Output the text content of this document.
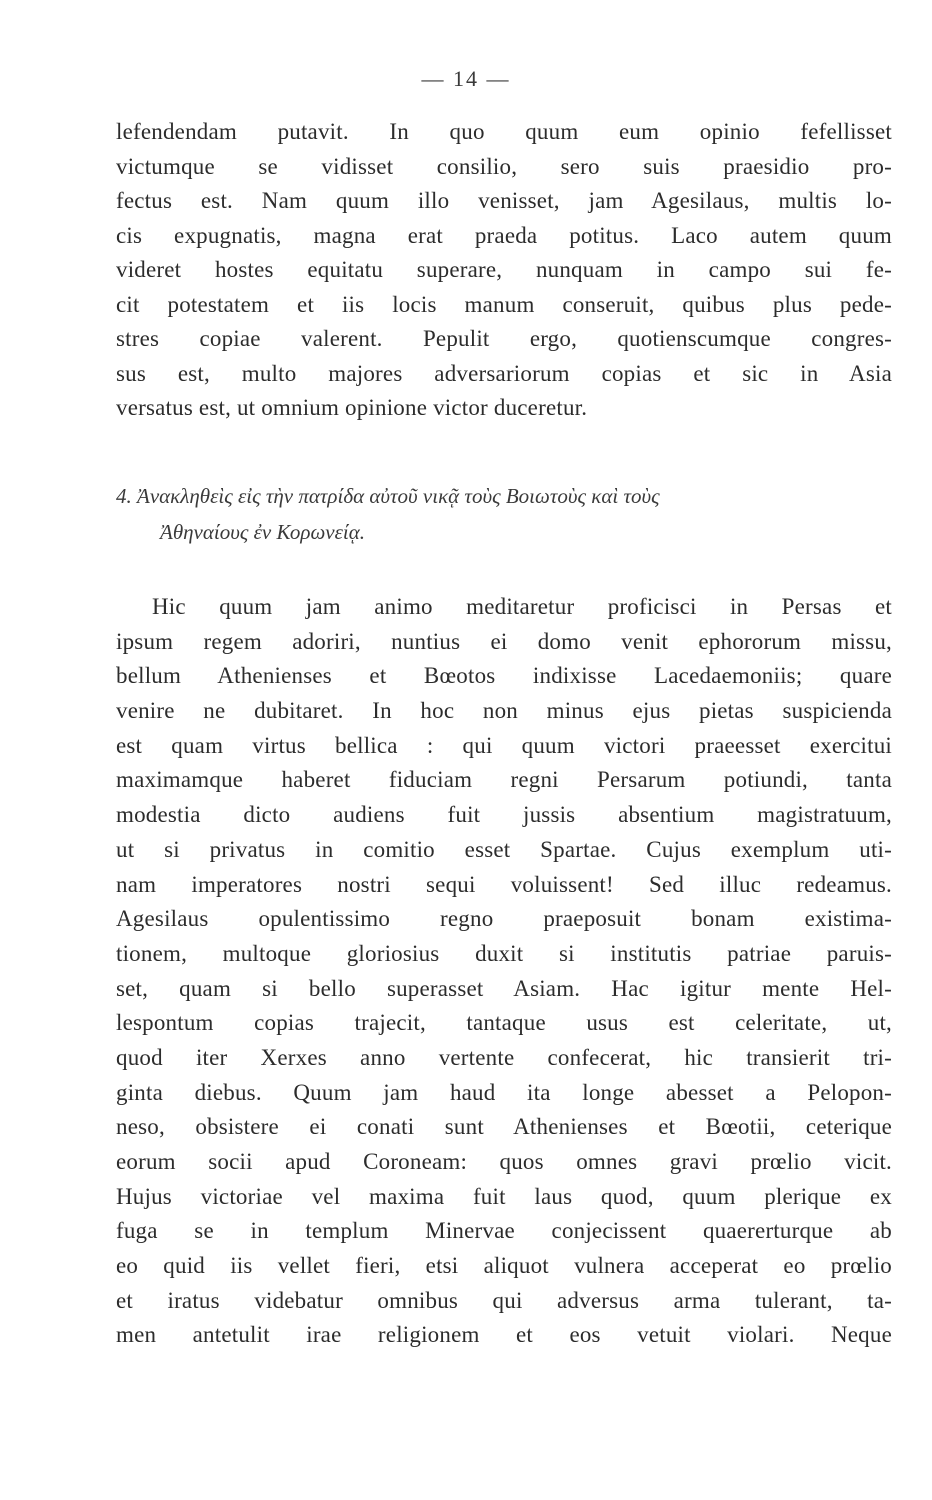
— 14 —
lefendendam putavit. In quo quum eum opinio fefellisset
victumque se vidisset consilio, sero suis praesidio pro-
fectus est. Nam quum illo venisset, jam Agesilaus, multis lo-
cis expugnatis, magna erat praeda potitus. Laco autem quum
videret hostes equitatu superare, nunquam in campo sui fe-
cit potestatem et iis locis manum conseruit, quibus plus pede-
stres copiae valerent. Pepulit ergo, quotienscumque congres-
sus est, multo majores adversariorum copias et sic in Asia
versatus est, ut omnium opinione victor duceretur.
4. Ἀνακληθεὶς εἰς τὴν πατρίδα αὐτοῦ νικᾷ τοὺς Βοιωτοὺς καὶ τοὺς
Ἀθηναίους ἐν Κορωνείᾳ.
Hic quum jam animo meditaretur proficisci in Persas et
ipsum regem adoriri, nuntius ei domo venit ephororum missu,
bellum Athenienses et Bœotos indixisse Lacedaemoniis; quare
venire ne dubitaret. In hoc non minus ejus pietas suspicienda
est quam virtus bellica : qui quum victori praeesset exercitui
maximamque haberet fiduciam regni Persarum potiundi, tanta
modestia dicto audiens fuit jussis absentium magistratuum,
ut si privatus in comitio esset Spartae. Cujus exemplum uti-
nam imperatores nostri sequi voluissent! Sed illuc redeamus.
Agesilaus opulentissimo regno praeposuit bonam existima-
tionem, multoque gloriosius duxit si institutis patriae paruis-
set, quam si bello superasset Asiam. Hac igitur mente Hel-
lespontum copias trajecit, tantaque usus est celeritate, ut,
quod iter Xerxes anno vertente confecerat, hic transierit tri-
ginta diebus. Quum jam haud ita longe abesset a Pelopon-
neso, obsistere ei conati sunt Athenienses et Bœotii, ceterique
eorum socii apud Coroneam: quos omnes gravi prœlio vicit.
Hujus victoriae vel maxima fuit laus quod, quum plerique ex
fuga se in templum Minervae conjecissent quaererturque ab
eo quid iis vellet fieri, etsi aliquot vulnera acceperat eo prœlio
et iratus videbatur omnibus qui adversus arma tulerant, ta-
men antetulit irae religionem et eos vetuit violari. Neque
